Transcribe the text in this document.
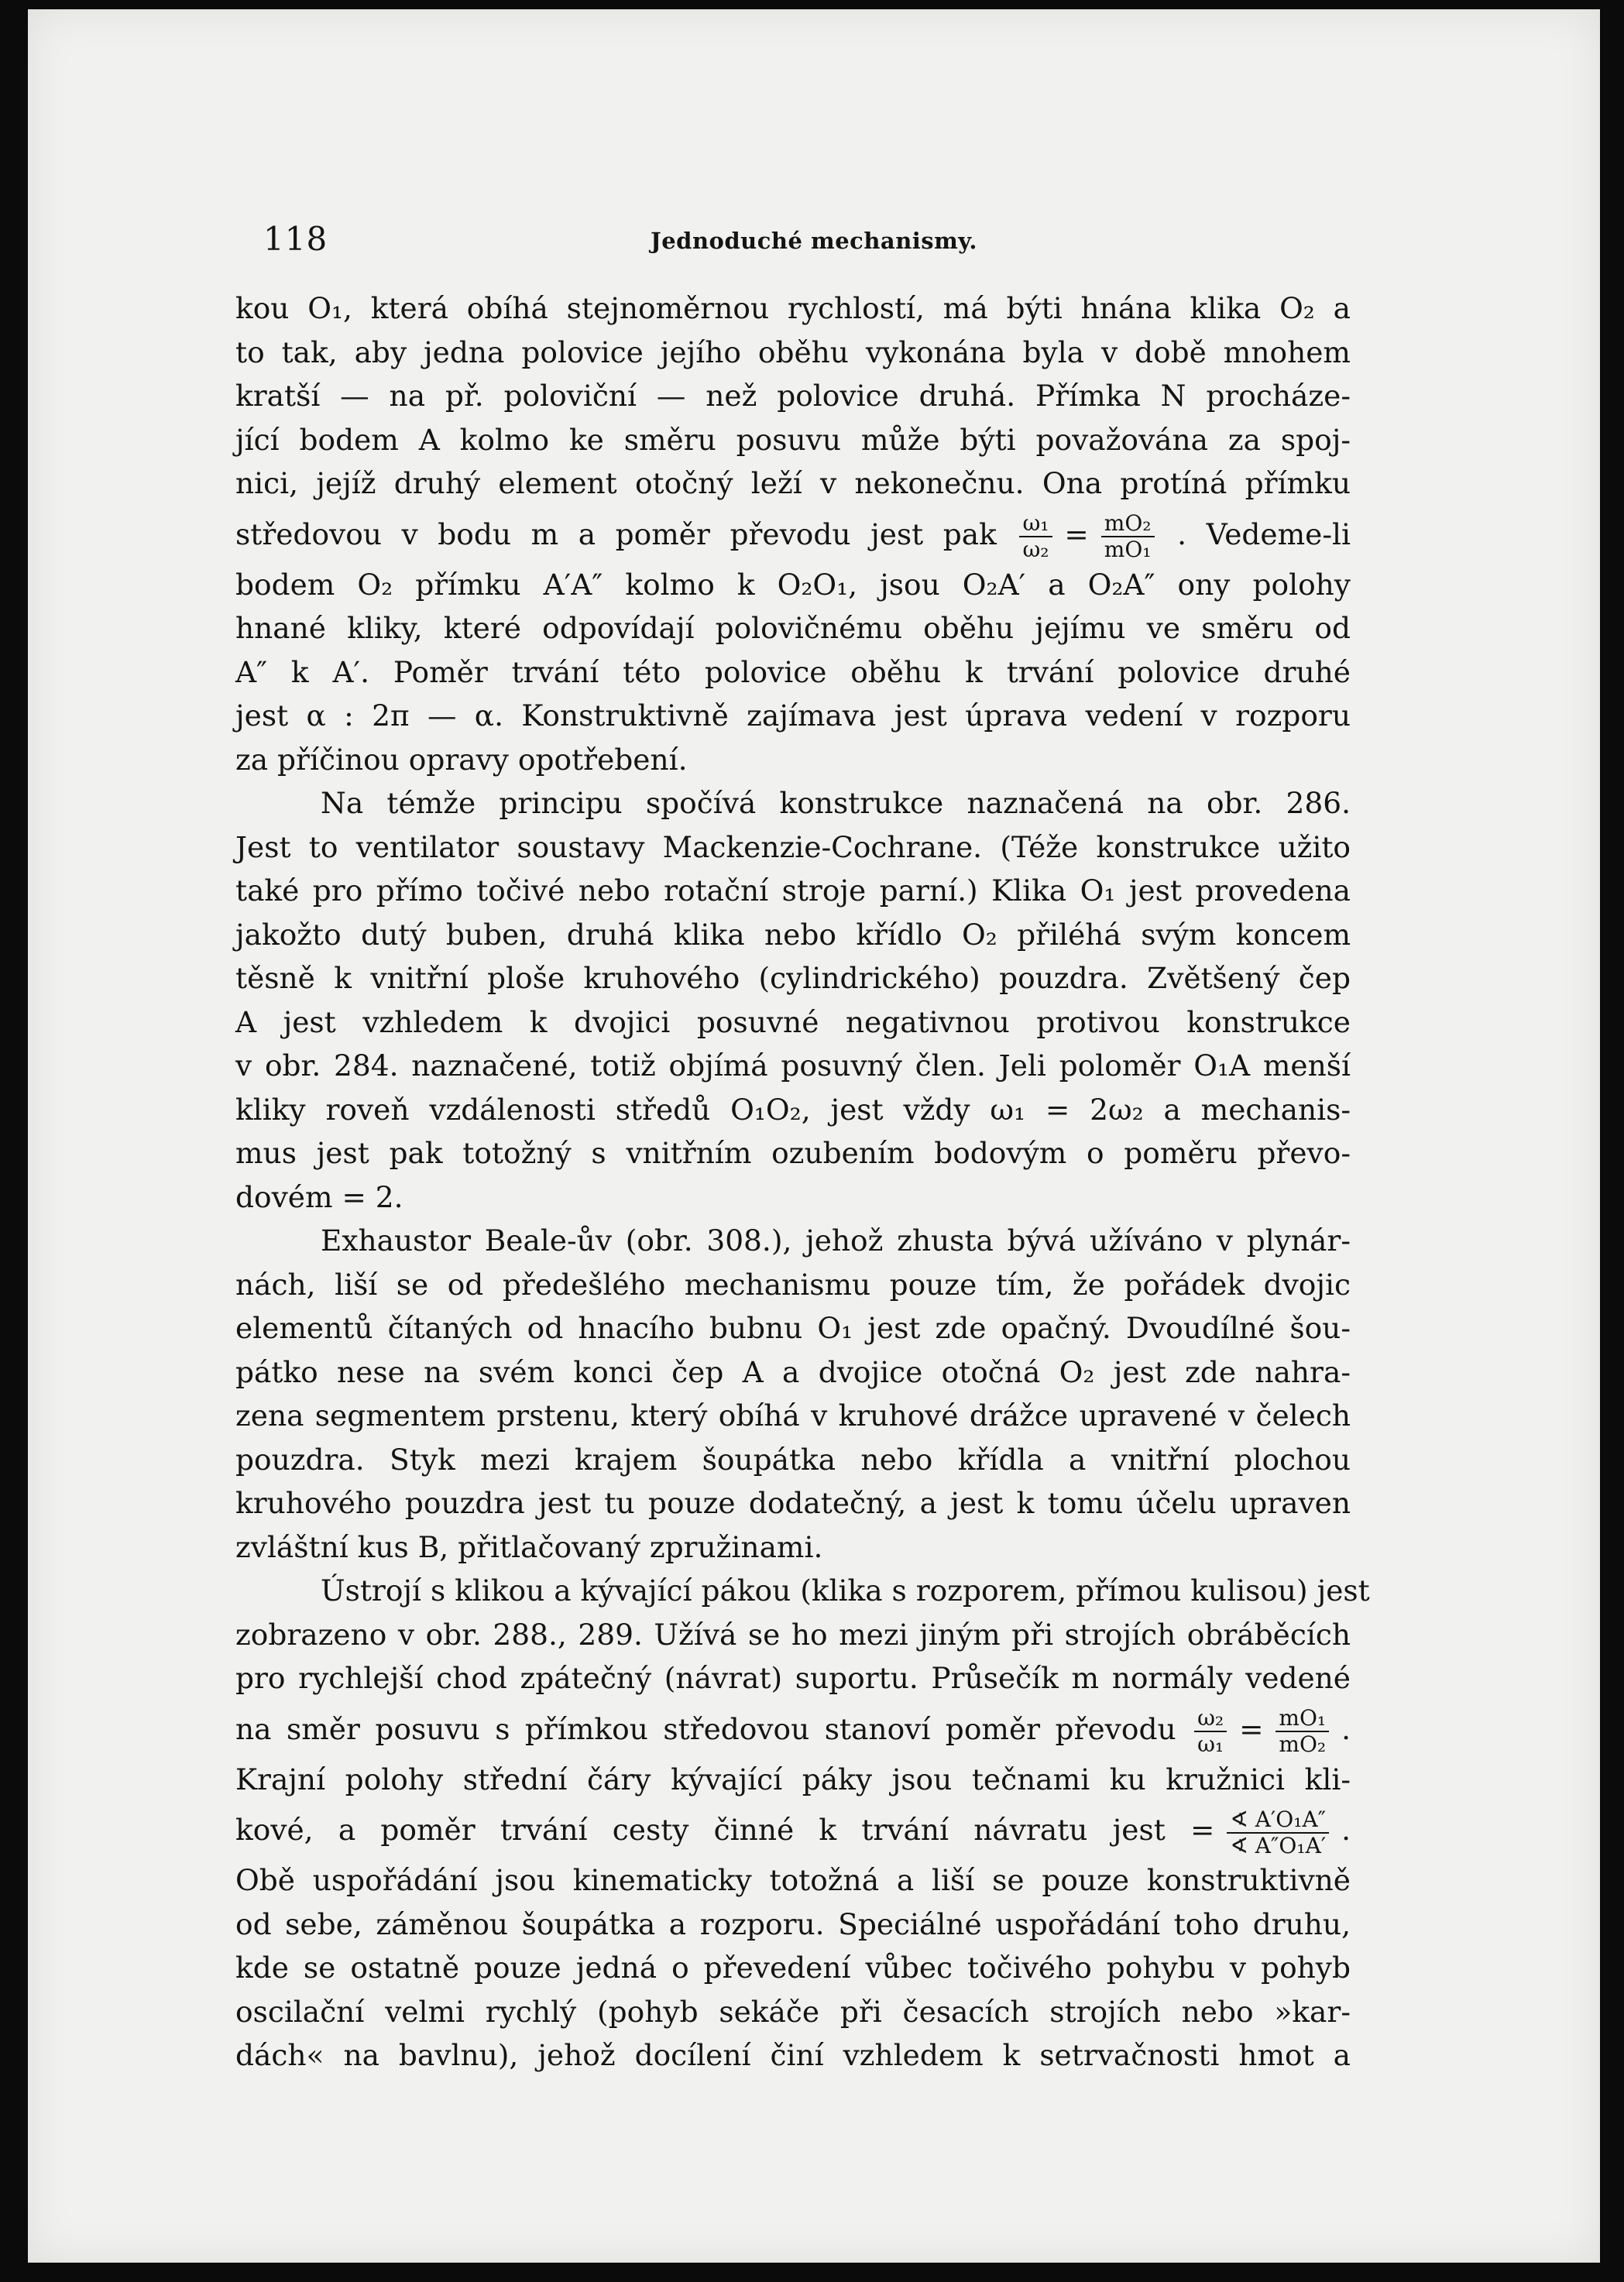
118	Jednoduché mechanismy.
kou O₁, která obíhá stejnoměrnou rychlostí, má býti hnána klika O₂ a
to tak, aby jedna polovice jejího oběhu vykonána byla v době mnohem
kratší — na př. poloviční — než polovice druhá. Přímka N procháze-
jící bodem A kolmo ke směru posuvu může býti považována za spoj-
nici, jejíž druhý element otočný leží v nekonečnu. Ona protíná přímku
středovou v bodu m a poměr převodu jest pak $\frac{\text{ω₁}}{\text{ω₂}} = \frac{\text{mO₂}}{\text{mO₁}}$ . Vedeme-li
bodem O₂ přímku A′A″ kolmo k O₂O₁, jsou O₂A′ a O₂A″ ony polohy
hnané kliky, které odpovídají polovičnému oběhu jejímu ve směru od
A″ k A′. Poměr trvání této polovice oběhu k trvání polovice druhé
jest α : 2π — α. Konstruktivně zajímava jest úprava vedení v rozporu
za příčinou opravy opotřebení.
Na témže principu spočívá konstrukce naznačená na obr. 286.
Jest to ventilator soustavy Mackenzie-Cochrane. (Téže konstrukce užito
také pro přímo točivé nebo rotační stroje parní.) Klika O₁ jest provedena
jakožto dutý buben, druhá klika nebo křídlo O₂ přiléhá svým koncem
těsně k vnitřní ploše kruhového (cylindrického) pouzdra. Zvětšený čep
A jest vzhledem k dvojici posuvné negativnou protivou konstrukce
v obr. 284. naznačené, totiž objímá posuvný člen. Jeli poloměr O₁A menší
kliky roveň vzdálenosti středů O₁O₂, jest vždy ω₁ = 2ω₂ a mechanis-
mus jest pak totožný s vnitřním ozubením bodovým o poměru převo-
dovém = 2.
Exhaustor Beale-ův (obr. 308.), jehož zhusta bývá užíváno v plynár-
nách, liší se od předešlého mechanismu pouze tím, že pořádek dvojic
elementů čítaných od hnacího bubnu O₁ jest zde opačný. Dvoudílné šou-
pátko nese na svém konci čep A a dvojice otočná O₂ jest zde nahra-
zena segmentem prstenu, který obíhá v kruhové drážce upravené v čelech
pouzdra. Styk mezi krajem šoupátka nebo křídla a vnitřní plochou
kruhového pouzdra jest tu pouze dodatečný, a jest k tomu účelu upraven
zvláštní kus B, přitlačovaný zpružinami.
Ústrojí s klikou a kývající pákou (klika s rozporem, přímou kulisou) jest
zobrazeno v obr. 288., 289. Užívá se ho mezi jiným při strojích obráběcích
pro rychlejší chod zpátečný (návrat) suportu. Průsečík m normály vedené
na směr posuvu s přímkou středovou stanoví poměr převodu $\frac{\text{ω₂}}{\text{ω₁}} = \frac{\text{mO₁}}{\text{mO₂}}$ .
Krajní polohy střední čáry kývající páky jsou tečnami ku kružnici kli-
kové, a poměr trvání cesty činné k trvání návratu jest = $\frac{\text{∢ A′O₁A″}}{\text{∢ A″O₁A′}}$ .
Obě uspořádání jsou kinematicky totožná a liší se pouze konstruktivně
od sebe, záměnou šoupátka a rozporu. Speciálné uspořádání toho druhu,
kde se ostatně pouze jedná o převedení vůbec točivého pohybu v pohyb
oscilační velmi rychlý (pohyb sekáče při česacích strojích nebo »kar-
dách« na bavlnu), jehož docílení činí vzhledem k setrvačnosti hmot a
